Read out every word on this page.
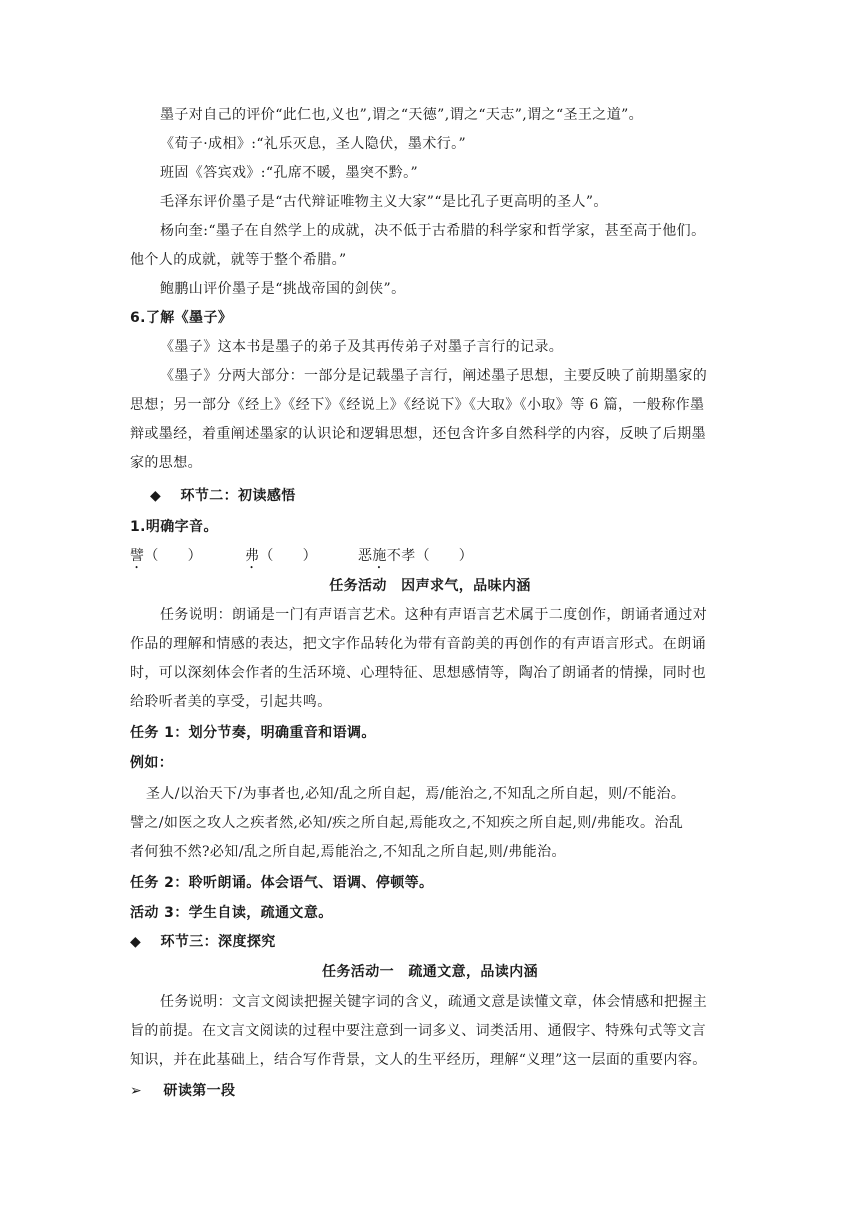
墨子对自己的评价“此仁也,义也”,谓之“天德”,谓之“天志”,谓之“圣王之道”。
《荀子·成相》:“礼乐灭息，圣人隐伏，墨术行。”
班固《答宾戏》:“孔席不暖，墨突不黔。”
毛泽东评价墨子是“古代辩证唯物主义大家”“是比孔子更高明的圣人”。
杨向奎:“墨子在自然学上的成就，决不低于古希腊的科学家和哲学家，甚至高于他们。
他个人的成就，就等于整个希腊。”
鲍鹏山评价墨子是“挑战帝国的剑侠”。
6.了解《墨子》
《墨子》这本书是墨子的弟子及其再传弟子对墨子言行的记录。
《墨子》分两大部分：一部分是记载墨子言行，阐述墨子思想，主要反映了前期墨家的
思想；另一部分《经上》《经下》《经说上》《经说下》《大取》《小取》等 6 篇，一般称作墨
辩或墨经，着重阐述墨家的认识论和逻辑思想，还包含许多自然科学的内容，反映了后期墨
家的思想。
◆ 环节二：初读感悟
1.明确字音。
譬（　　）	弗（　　）	恶施不孝（　　）
任务活动　因声求气，品味内涵
任务说明：朗诵是一门有声语言艺术。这种有声语言艺术属于二度创作，朗诵者通过对
作品的理解和情感的表达，把文字作品转化为带有音韵美的再创作的有声语言形式。在朗诵
时，可以深刻体会作者的生活环境、心理特征、思想感情等，陶冶了朗诵者的情操，同时也
给聆听者美的享受，引起共鸣。
任务 1：划分节奏，明确重音和语调。
例如：
圣人/以治天下/为事者也,必知/乱之所自起，焉/能治之,不知乱之所自起，则/不能治。
譬之/如医之攻人之疾者然,必知/疾之所自起,焉能攻之,不知疾之所自起,则/弗能攻。治乱
者何独不然?必知/乱之所自起,焉能治之,不知乱之所自起,则/弗能治。
任务 2：聆听朗诵。体会语气、语调、停顿等。
活动 3：学生自读，疏通文意。
◆ 环节三：深度探究
任务活动一　疏通文意，品读内涵
任务说明：文言文阅读把握关键字词的含义，疏通文意是读懂文章，体会情感和把握主
旨的前提。在文言文阅读的过程中要注意到一词多义、词类活用、通假字、特殊句式等文言
知识，并在此基础上，结合写作背景，文人的生平经历，理解“义理”这一层面的重要内容。
➢ 研读第一段
